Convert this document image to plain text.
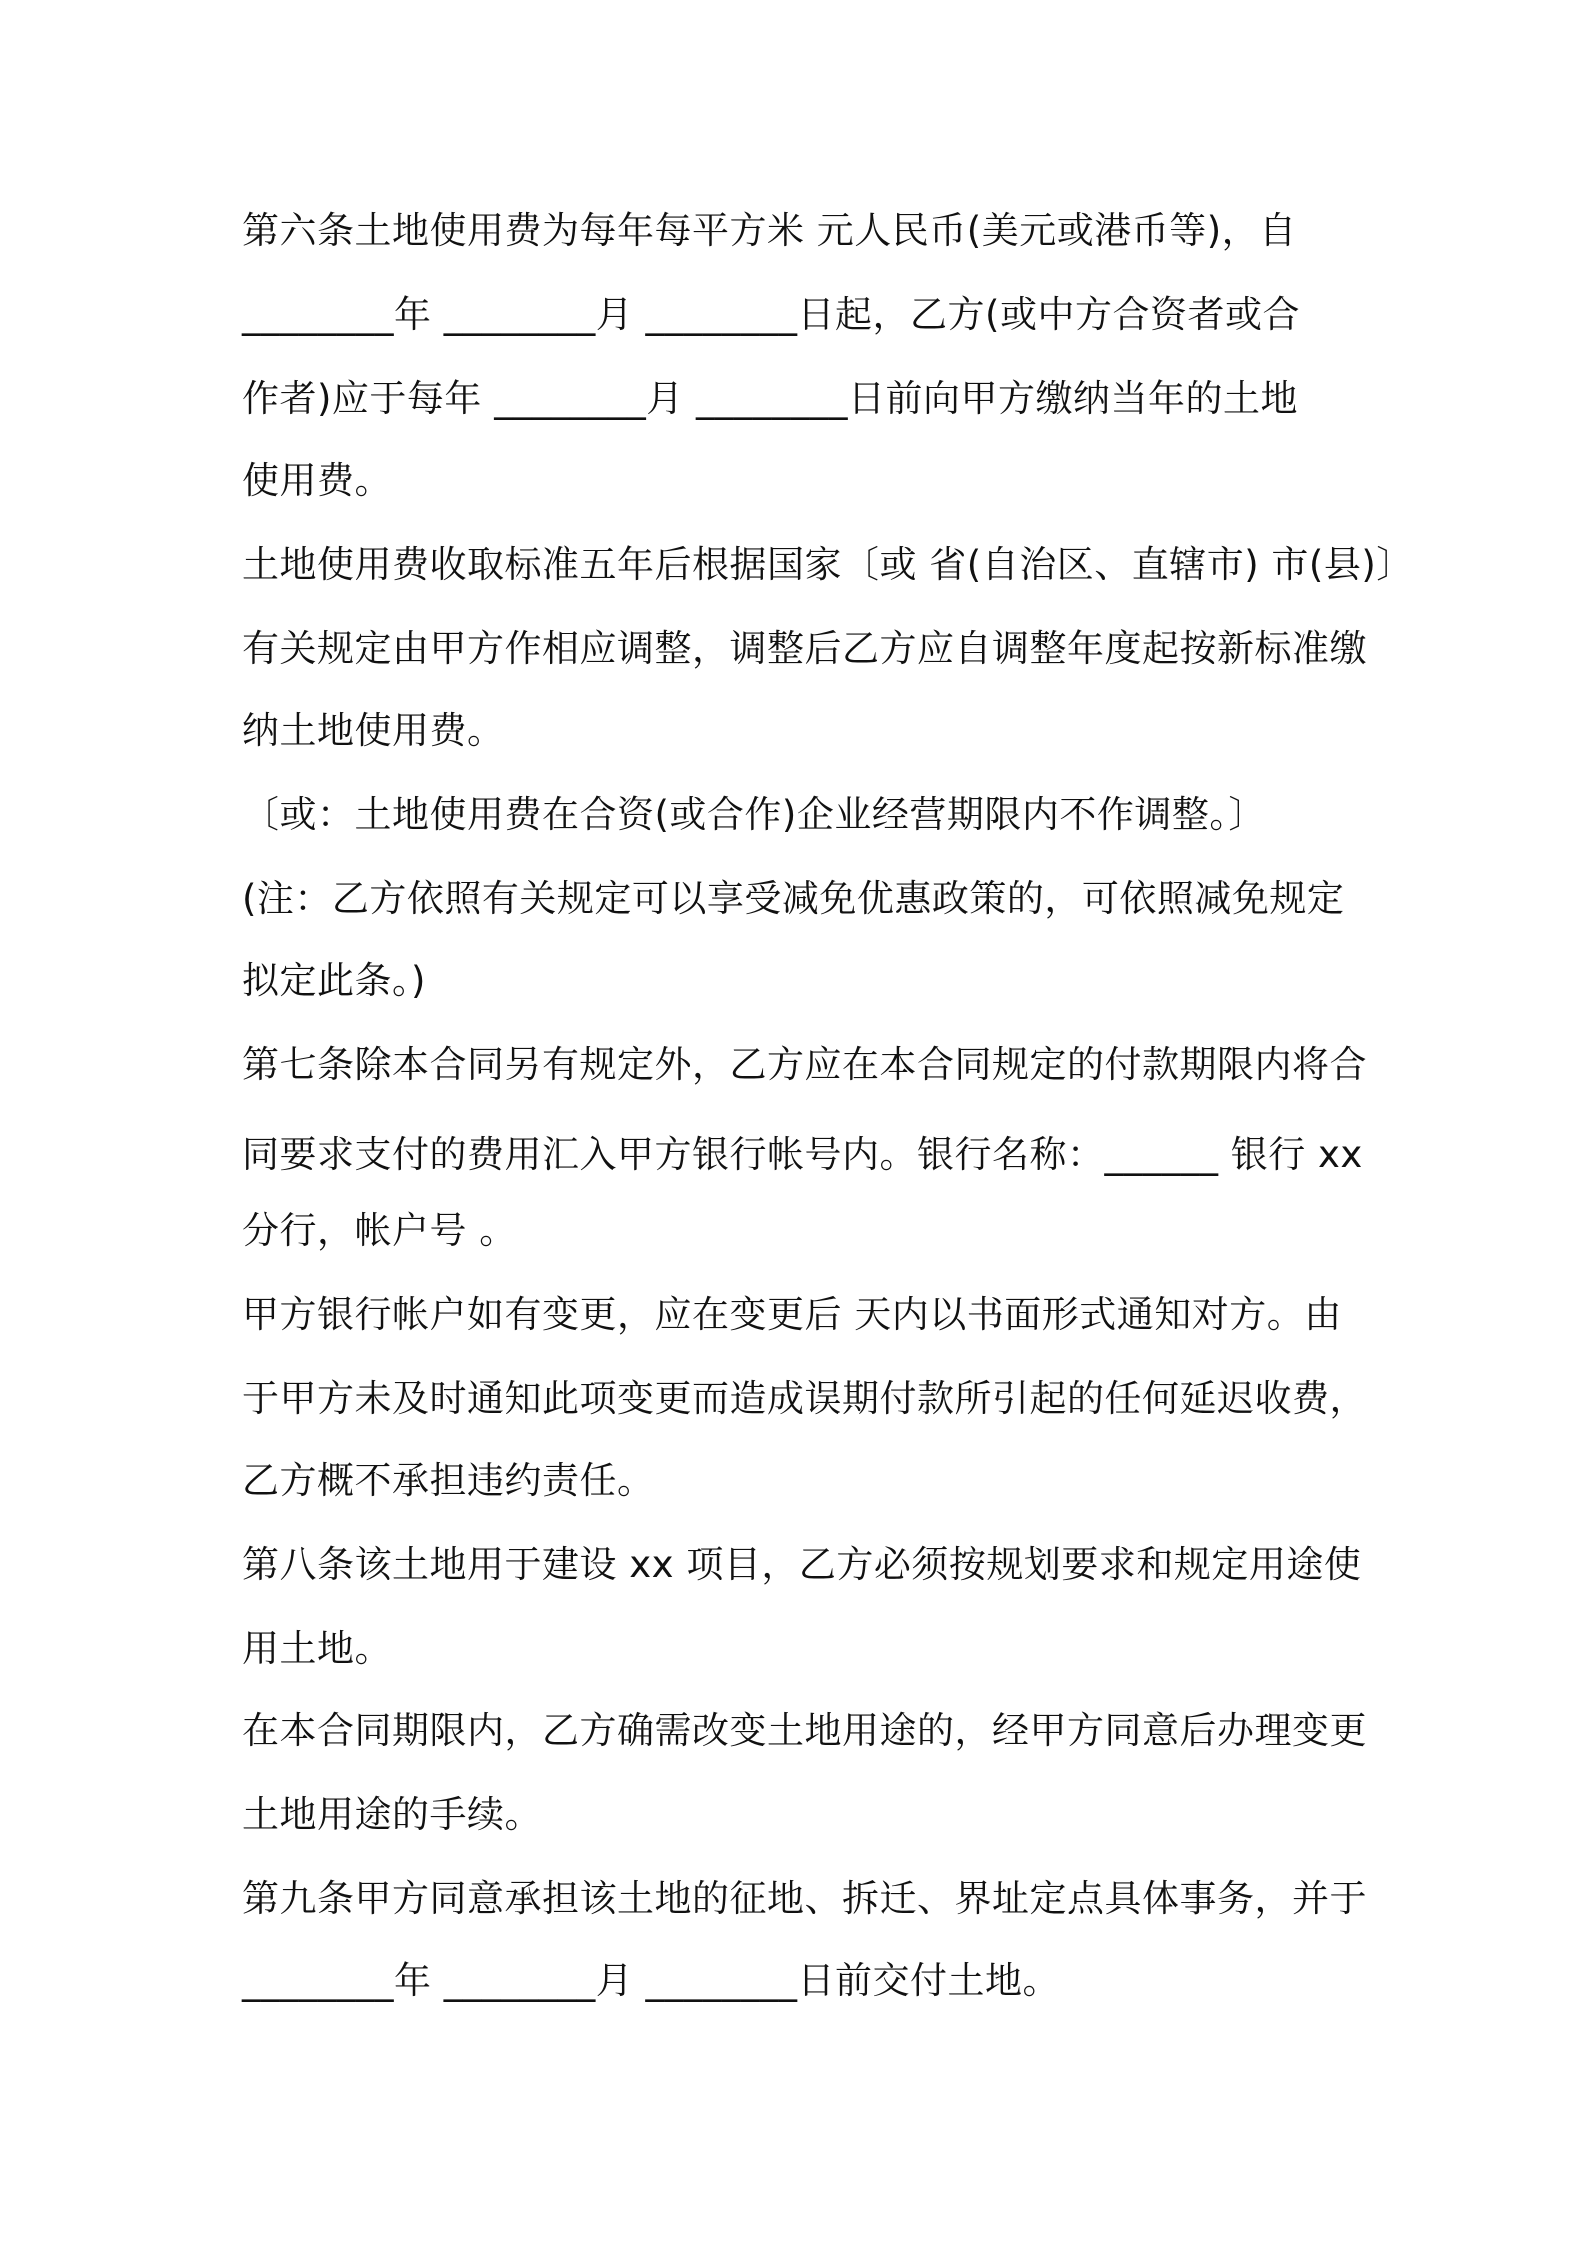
第六条土地使用费为每年每平方米 元人民币(美元或港币等)，自
________年 ________月 ________日起，乙方(或中方合资者或合
作者)应于每年 ________月 ________日前向甲方缴纳当年的土地
使用费。
土地使用费收取标准五年后根据国家〔或 省(自治区、直辖市) 市(县)〕
有关规定由甲方作相应调整，调整后乙方应自调整年度起按新标准缴
纳土地使用费。
〔或：土地使用费在合资(或合作)企业经营期限内不作调整。〕
(注：乙方依照有关规定可以享受减免优惠政策的，可依照减免规定
拟定此条。)
第七条除本合同另有规定外，乙方应在本合同规定的付款期限内将合
同要求支付的费用汇入甲方银行帐号内。银行名称：______ 银行 xx
分行，帐户号 。
甲方银行帐户如有变更，应在变更后 天内以书面形式通知对方。由
于甲方未及时通知此项变更而造成误期付款所引起的任何延迟收费，
乙方概不承担违约责任。
第八条该土地用于建设 xx 项目，乙方必须按规划要求和规定用途使
用土地。
在本合同期限内，乙方确需改变土地用途的，经甲方同意后办理变更
土地用途的手续。
第九条甲方同意承担该土地的征地、拆迁、界址定点具体事务，并于
________年 ________月 ________日前交付土地。
